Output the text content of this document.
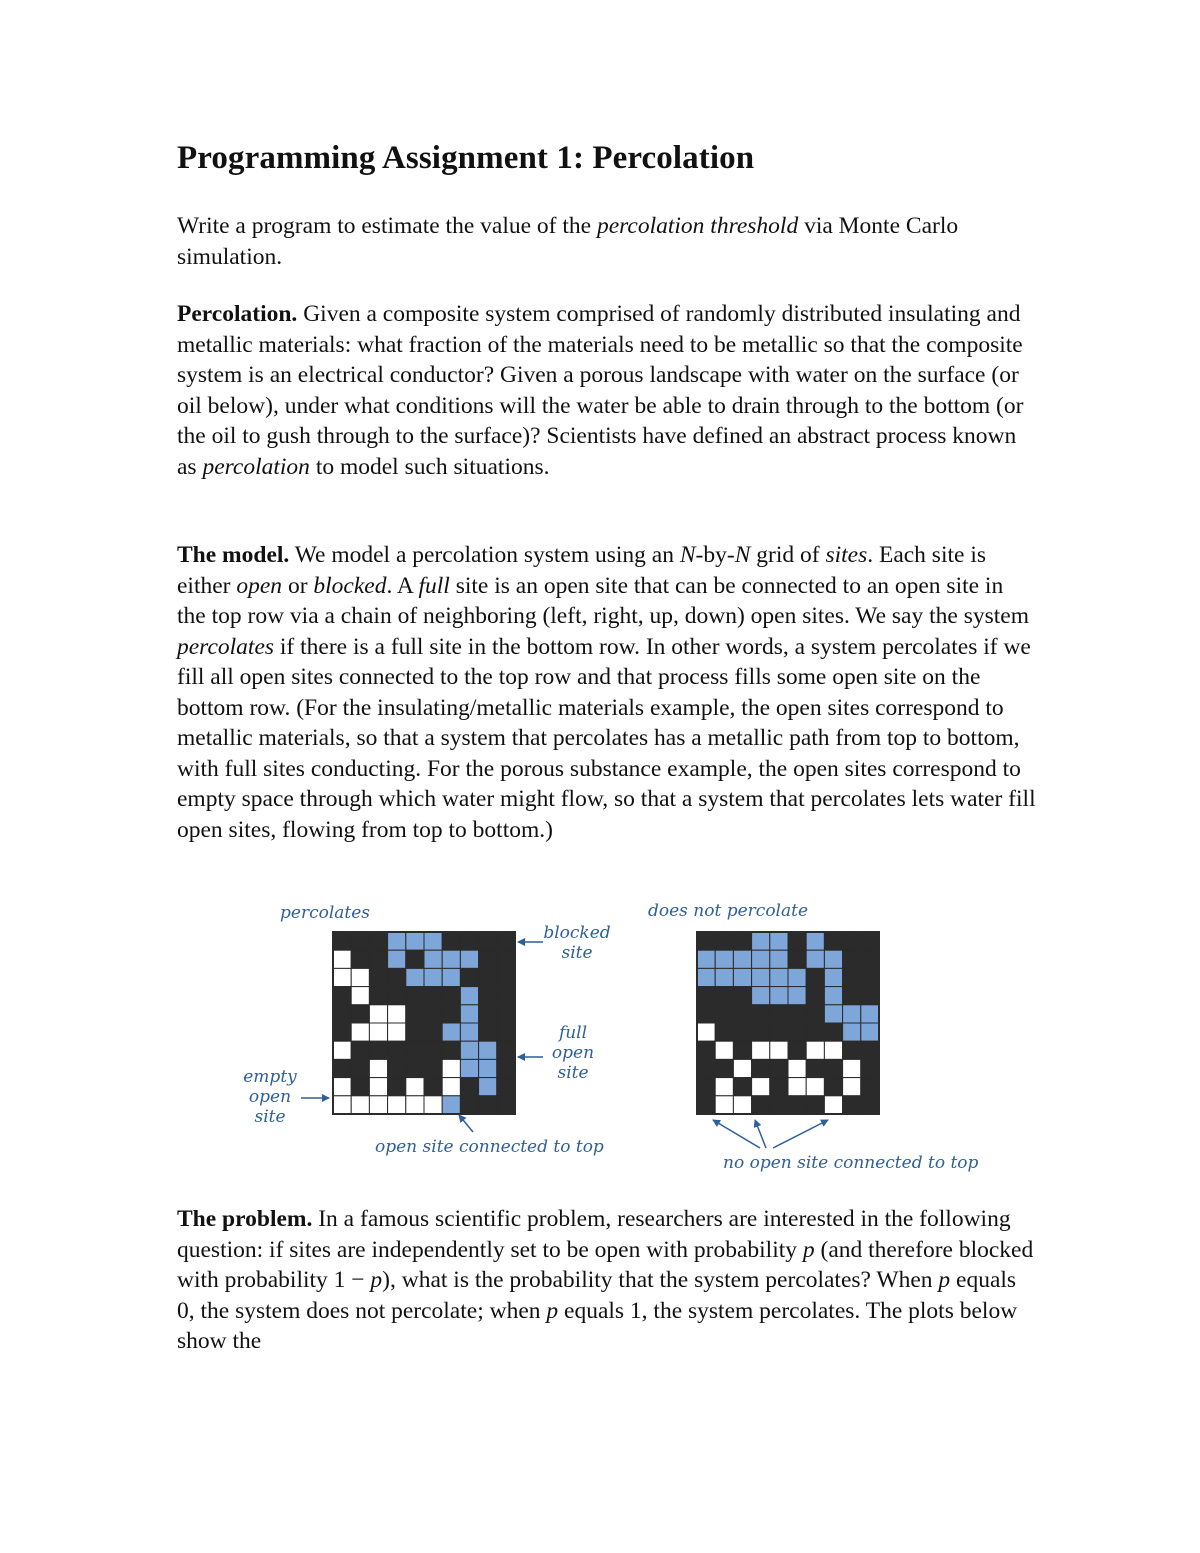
Programming Assignment 1: Percolation

Write a program to estimate the value of the percolation threshold via Monte Carlo simulation.

Percolation. Given a composite system comprised of randomly distributed insulating and metallic materials: what fraction of the materials need to be metallic so that the composite system is an electrical conductor? Given a porous landscape with water on the surface (or oil below), under what conditions will the water be able to drain through to the bottom (or the oil to gush through to the surface)? Scientists have defined an abstract process known as percolation to model such situations.

The model. We model a percolation system using an N-by-N grid of sites. Each site is either open or blocked. A full site is an open site that can be connected to an open site in the top row via a chain of neighboring (left, right, up, down) open sites. We say the system percolates if there is a full site in the bottom row. In other words, a system percolates if we fill all open sites connected to the top row and that process fills some open site on the bottom row. (For the insulating/metallic materials example, the open sites correspond to metallic materials, so that a system that percolates has a metallic path from top to bottom, with full sites conducting. For the porous substance example, the open sites correspond to empty space through which water might flow, so that a system that percolates lets water fill open sites, flowing from top to bottom.)

percolates
blocked
site
full
open
site
empty
open
site
open site connected to top
does not percolate
no open site connected to top

The problem. In a famous scientific problem, researchers are interested in the following question: if sites are independently set to be open with probability p (and therefore blocked with probability 1 − p), what is the probability that the system percolates? When p equals 0, the system does not percolate; when p equals 1, the system percolates. The plots below show the
